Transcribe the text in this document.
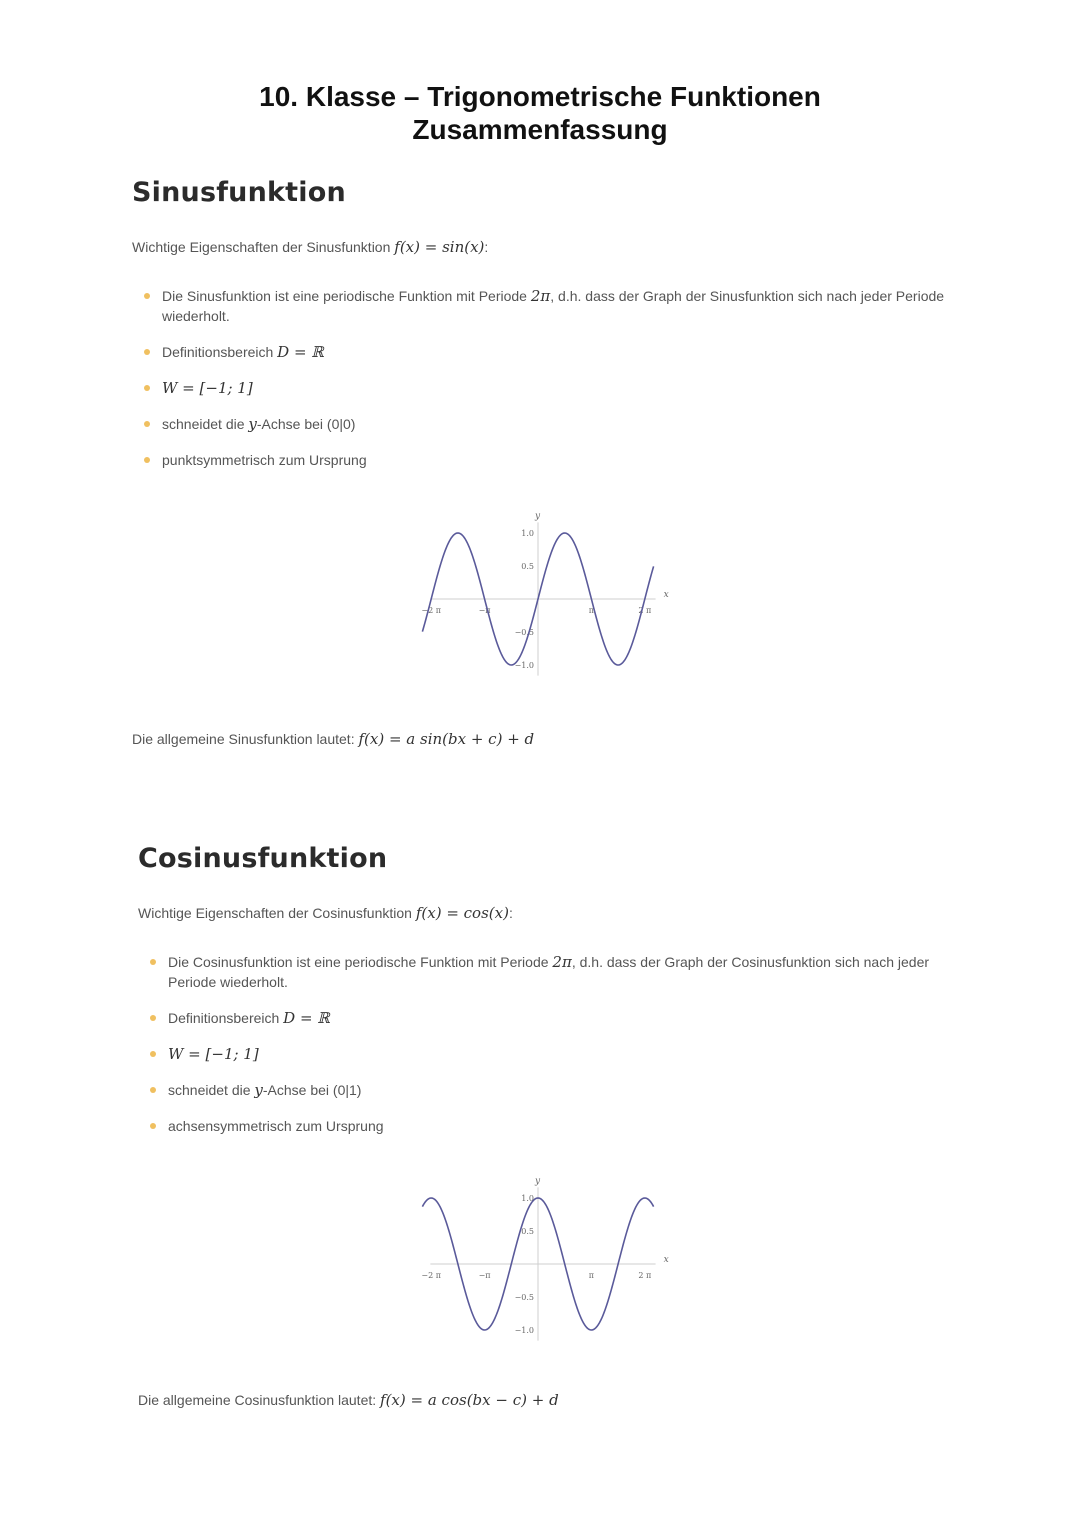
10. Klasse – Trigonometrische Funktionen
Zusammenfassung
Sinusfunktion
Wichtige Eigenschaften der Sinusfunktion f(x) = sin(x):
Die Sinusfunktion ist eine periodische Funktion mit Periode 2π, d.h. dass der Graph der Sinusfunktion sich nach jeder Periode wiederholt.
Definitionsbereich D = ℝ
W = [−1; 1]
schneidet die y-Achse bei (0|0)
punktsymmetrisch zum Ursprung
x
y
−2 π	−π	π	2 π
1.0
0.5
−0.5
−1.0
Die allgemeine Sinusfunktion lautet: f(x) = a sin(bx + c) + d
Cosinusfunktion
Wichtige Eigenschaften der Cosinusfunktion f(x) = cos(x):
Die Cosinusfunktion ist eine periodische Funktion mit Periode 2π, d.h. dass der Graph der Cosinusfunktion sich nach jeder Periode wiederholt.
Definitionsbereich D = ℝ
W = [−1; 1]
schneidet die y-Achse bei (0|1)
achsensymmetrisch zum Ursprung
x
y
−2 π	−π	π	2 π
1.0
0.5
−0.5
−1.0
Die allgemeine Cosinusfunktion lautet: f(x) = a cos(bx − c) + d
